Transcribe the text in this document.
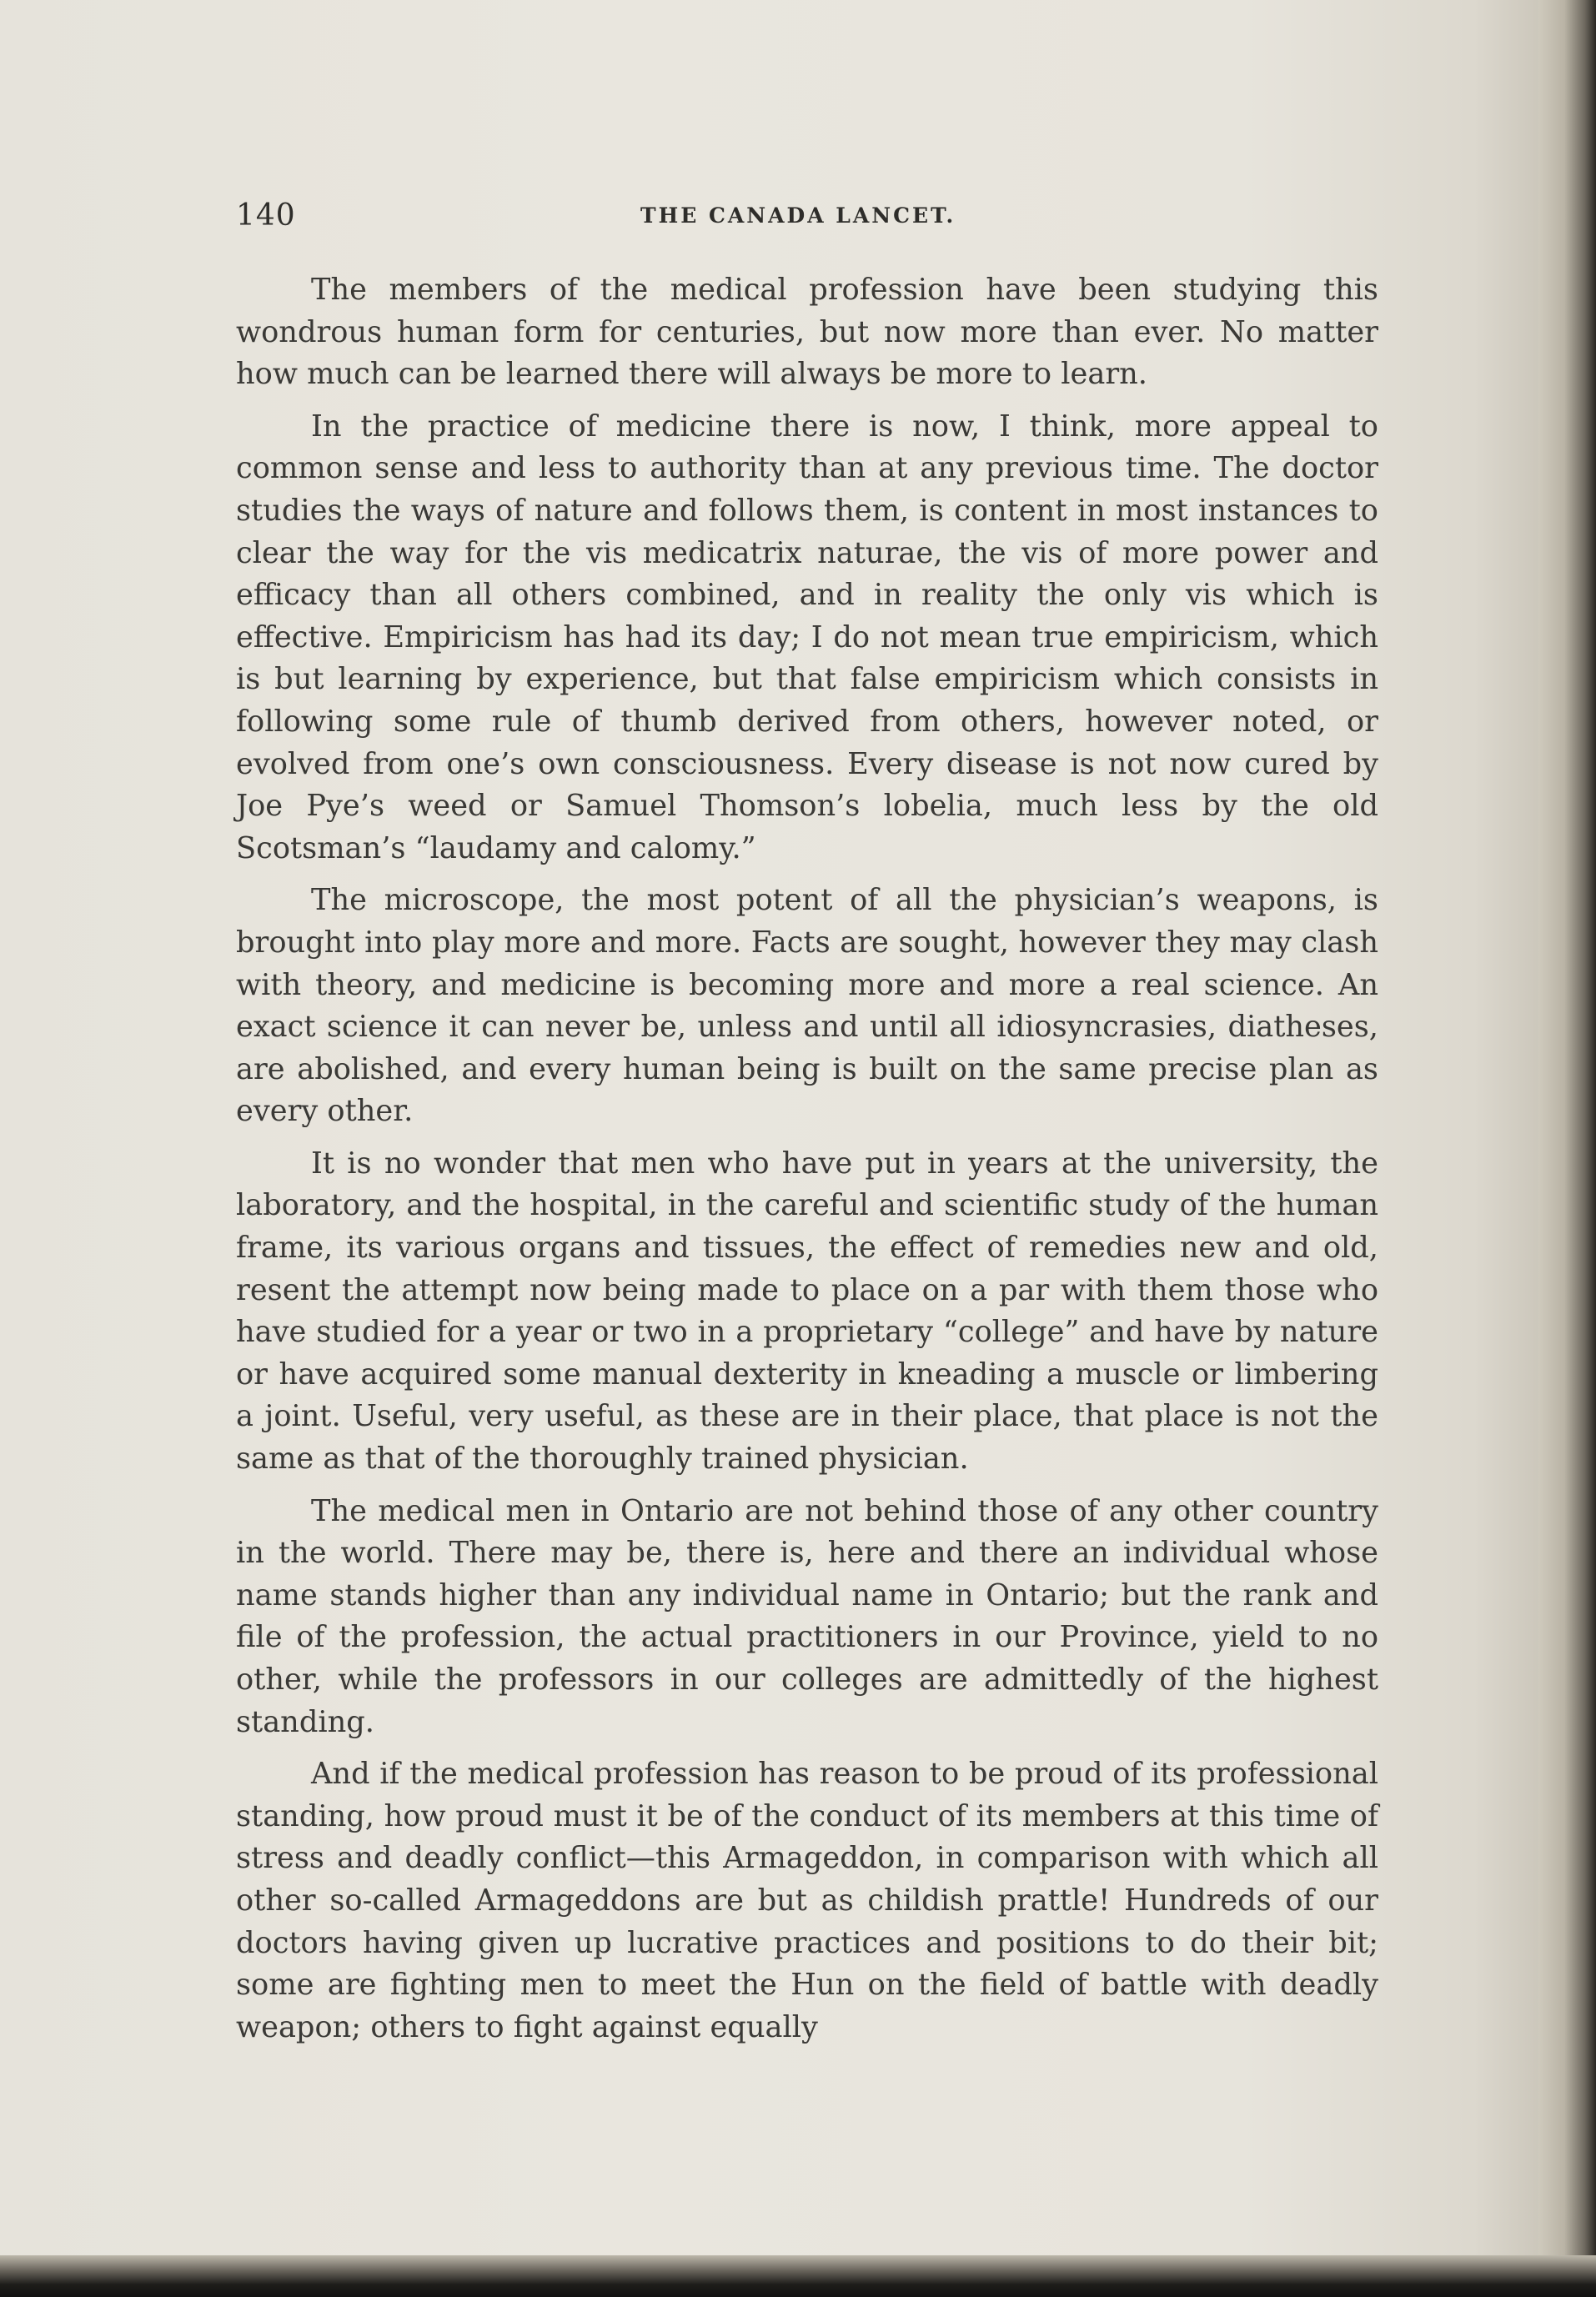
140	THE CANADA LANCET.

The members of the medical profession have been studying this wondrous human form for centuries, but now more than ever. No matter how much can be learned there will always be more to learn.

In the practice of medicine there is now, I think, more appeal to common sense and less to authority than at any previous time. The doctor studies the ways of nature and follows them, is content in most instances to clear the way for the vis medicatrix naturae, the vis of more power and efficacy than all others combined, and in reality the only vis which is effective. Empiricism has had its day; I do not mean true empiricism, which is but learning by experience, but that false empiricism which consists in following some rule of thumb derived from others, however noted, or evolved from one’s own consciousness. Every disease is not now cured by Joe Pye’s weed or Samuel Thomson’s lobelia, much less by the old Scotsman’s “laudamy and calomy.”

The microscope, the most potent of all the physician’s weapons, is brought into play more and more. Facts are sought, however they may clash with theory, and medicine is becoming more and more a real science. An exact science it can never be, unless and until all idiosyncrasies, diatheses, are abolished, and every human being is built on the same precise plan as every other.

It is no wonder that men who have put in years at the university, the laboratory, and the hospital, in the careful and scientific study of the human frame, its various organs and tissues, the effect of remedies new and old, resent the attempt now being made to place on a par with them those who have studied for a year or two in a proprietary “college” and have by nature or have acquired some manual dexterity in kneading a muscle or limbering a joint. Useful, very useful, as these are in their place, that place is not the same as that of the thoroughly trained physician.

The medical men in Ontario are not behind those of any other country in the world. There may be, there is, here and there an individual whose name stands higher than any individual name in Ontario; but the rank and file of the profession, the actual practitioners in our Province, yield to no other, while the professors in our colleges are admittedly of the highest standing.

And if the medical profession has reason to be proud of its professional standing, how proud must it be of the conduct of its members at this time of stress and deadly conflict—this Armageddon, in comparison with which all other so-called Armageddons are but as childish prattle! Hundreds of our doctors having given up lucrative practices and positions to do their bit; some are fighting men to meet the Hun on the field of battle with deadly weapon; others to fight against equally
